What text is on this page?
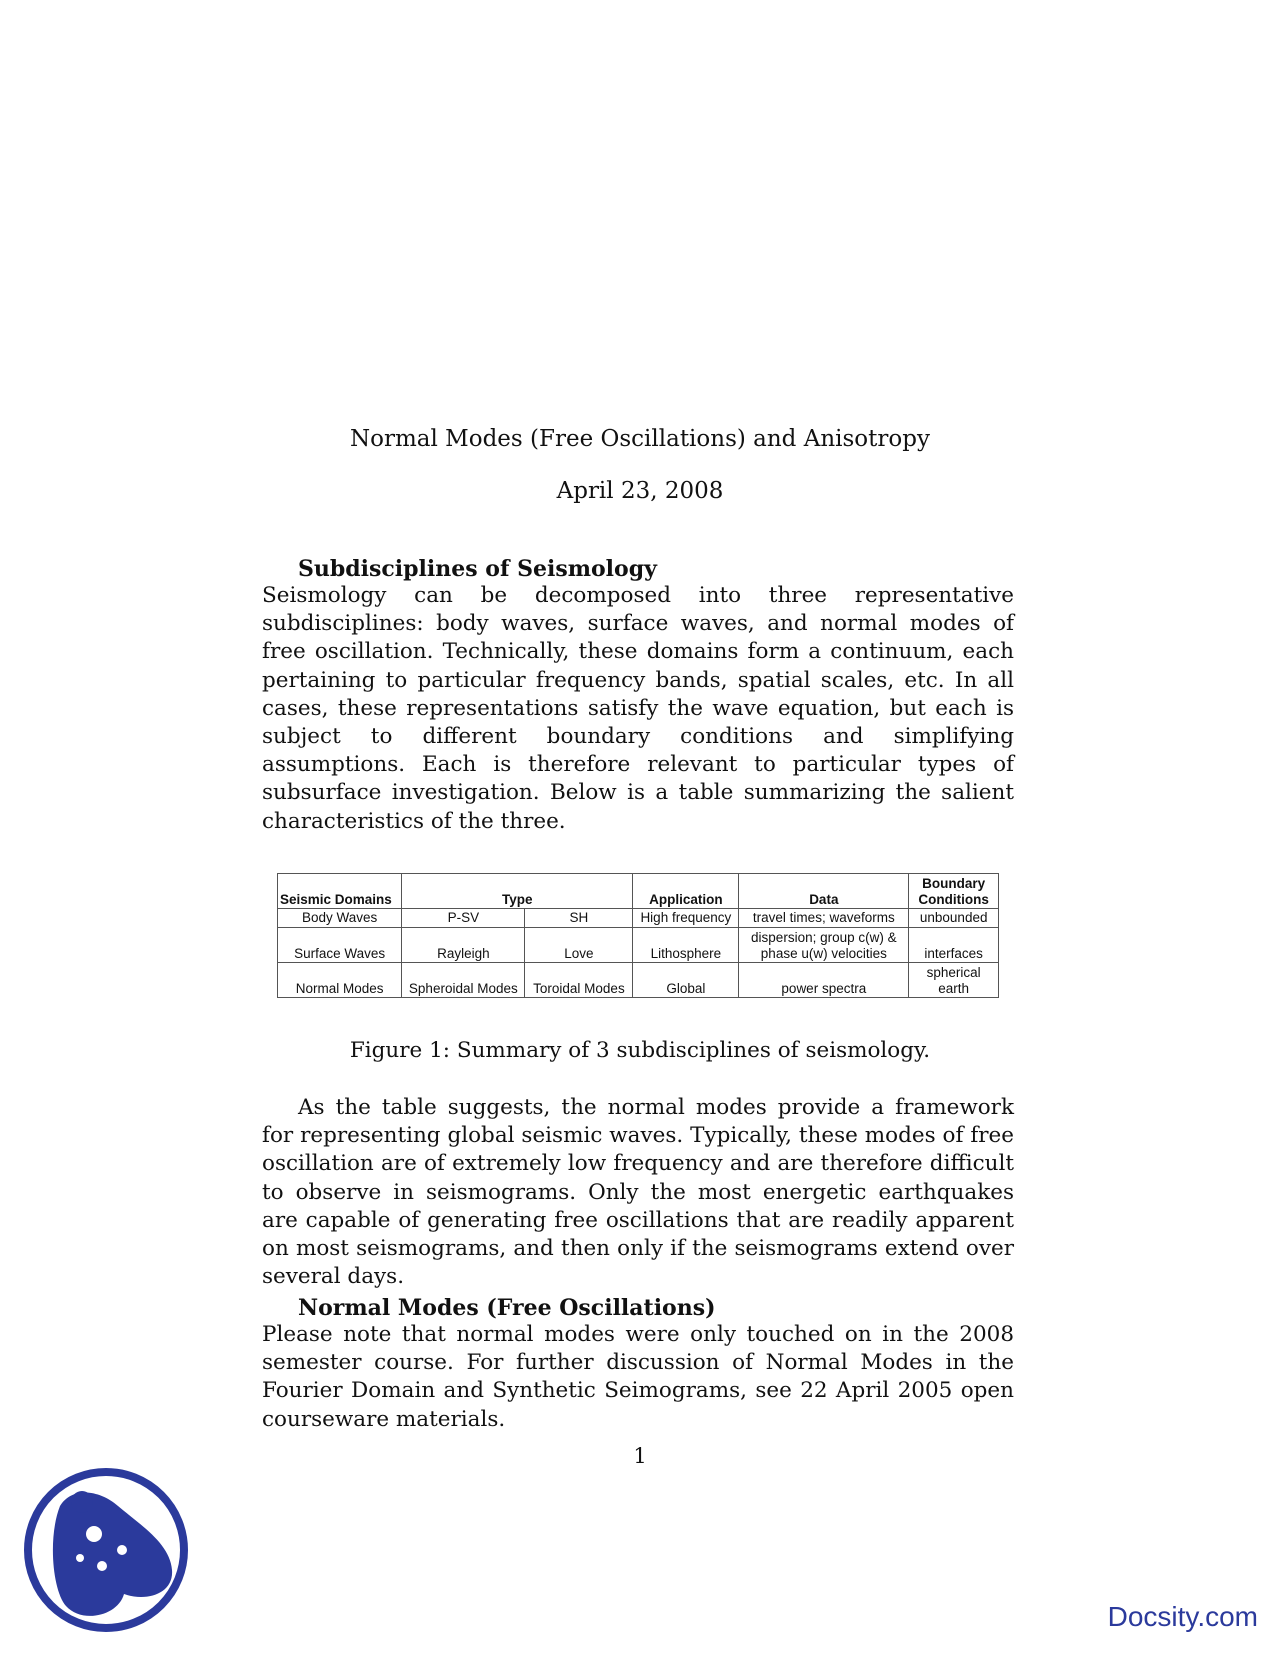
Normal Modes (Free Oscillations) and Anisotropy
April 23, 2008
Subdisciplines of Seismology
Seismology can be decomposed into three representative subdisciplines: body waves, surface waves, and normal modes of free oscillation. Technically, these domains form a continuum, each pertaining to particular frequency bands, spatial scales, etc. In all cases, these representations satisfy the wave equation, but each is subject to different boundary conditions and simplifying assumptions. Each is therefore relevant to particular types of subsurface investigation. Below is a table summarizing the salient characteristics of the three.
Seismic Domains	Type		Application	Data	Boundary Conditions
Body Waves	P-SV	SH	High frequency	travel times; waveforms	unbounded
Surface Waves	Rayleigh	Love	Lithosphere	dispersion; group c(w) & phase u(w) velocities	interfaces
Normal Modes	Spheroidal Modes	Toroidal Modes	Global	power spectra	spherical earth
Figure 1: Summary of 3 subdisciplines of seismology.
As the table suggests, the normal modes provide a framework for representing global seismic waves. Typically, these modes of free oscillation are of extremely low frequency and are therefore difficult to observe in seismograms. Only the most energetic earthquakes are capable of generating free oscillations that are readily apparent on most seismograms, and then only if the seismograms extend over several days.
Normal Modes (Free Oscillations)
Please note that normal modes were only touched on in the 2008 semester course. For further discussion of Normal Modes in the Fourier Domain and Synthetic Seimograms, see 22 April 2005 open courseware materials.
1
Docsity.com
